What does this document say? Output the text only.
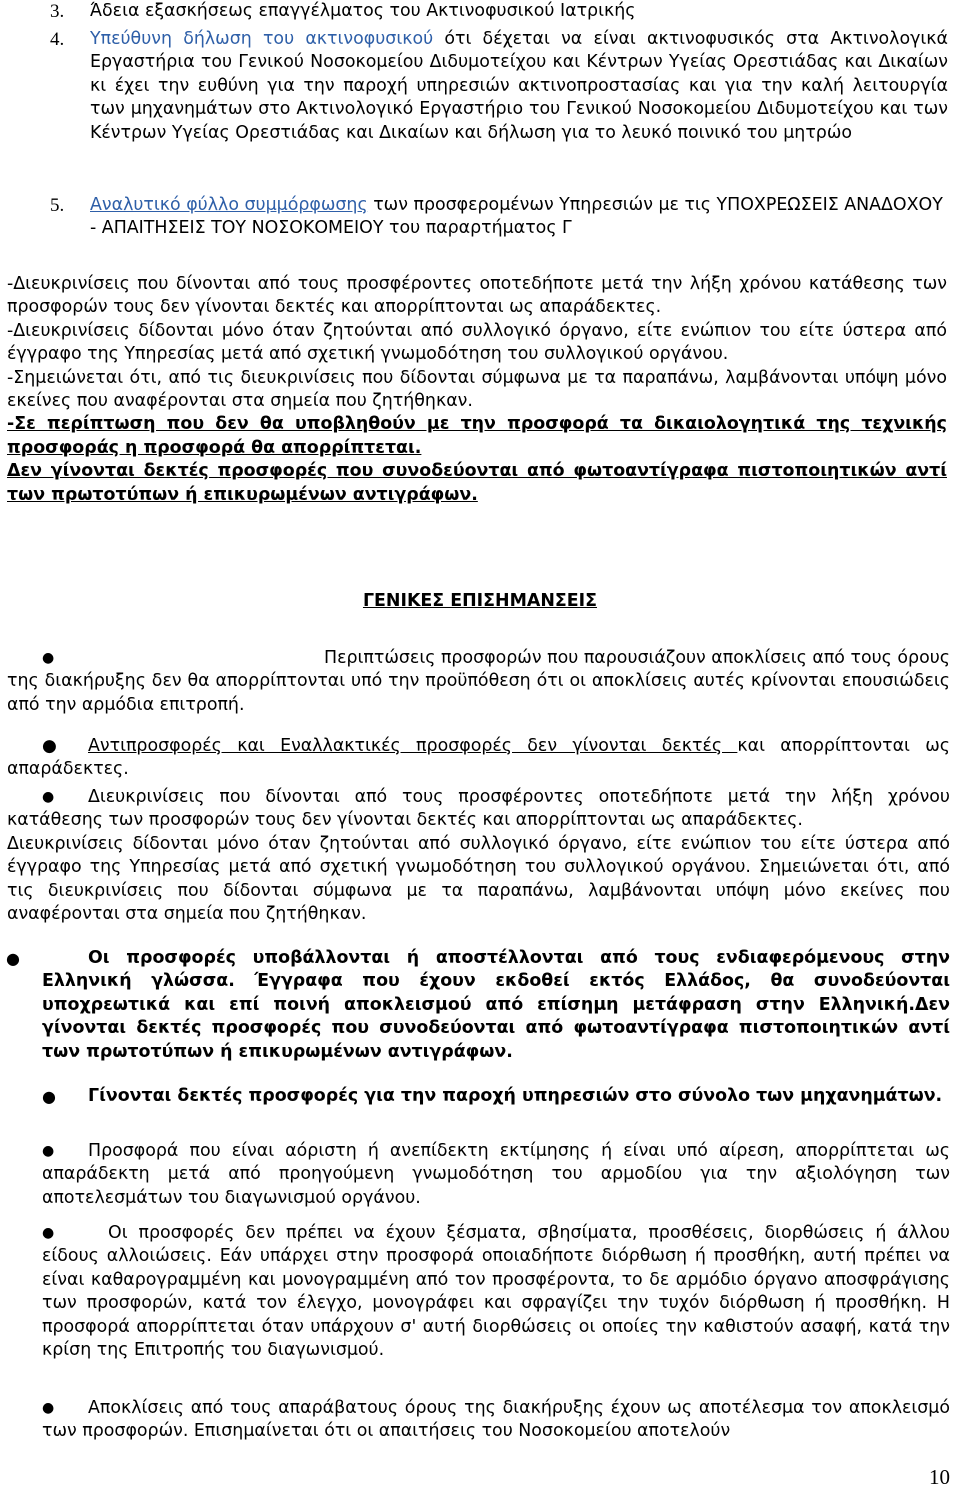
3.	Άδεια εξασκήσεως επαγγέλματος του Ακτινοφυσικού Ιατρικής
4.	Υπεύθυνη δήλωση του ακτινοφυσικού ότι δέχεται να είναι ακτινοφυσικός στα Ακτινολογικά Εργαστήρια του Γενικού Νοσοκομείου Διδυμοτείχου και Κέντρων Υγείας Ορεστιάδας και Δικαίων κι έχει την ευθύνη για την παροχή υπηρεσιών ακτινοπροστασίας και για την καλή λειτουργία των μηχανημάτων στο Ακτινολογικό Εργαστήριο του Γενικού Νοσοκομείου Διδυμοτείχου και των Κέντρων Υγείας Ορεστιάδας και Δικαίων και δήλωση για το λευκό ποινικό του μητρώο
5.	Αναλυτικό φύλλο συμμόρφωσης των προσφερομένων Υπηρεσιών με τις ΥΠΟΧΡΕΩΣΕΙΣ ΑΝΑΔΟΧΟΥ - ΑΠΑΙΤΗΣΕΙΣ ΤΟΥ ΝΟΣΟΚΟΜΕΙΟΥ του παραρτήματος Γ

-Διευκρινίσεις που δίνονται από τους προσφέροντες οποτεδήποτε μετά την λήξη χρόνου κατάθεσης των προσφορών τους δεν γίνονται δεκτές και απορρίπτονται ως απαράδεκτες.

-Διευκρινίσεις δίδονται μόνο όταν ζητούνται από συλλογικό όργανο, είτε ενώπιον του είτε ύστερα από έγγραφο της Υπηρεσίας μετά από σχετική γνωμοδότηση του συλλογικού οργάνου.

-Σημειώνεται ότι, από τις διευκρινίσεις που δίδονται σύμφωνα με τα παραπάνω, λαμβάνονται υπόψη μόνο εκείνες που αναφέρονται στα σημεία που ζητήθηκαν.

-Σε περίπτωση που δεν θα υποβληθούν με την προσφορά τα δικαιολογητικά της τεχνικής προσφοράς η προσφορά θα απορρίπτεται.

Δεν γίνονται δεκτές προσφορές που συνοδεύονται από φωτοαντίγραφα πιστοποιητικών αντί των πρωτοτύπων ή επικυρωμένων αντιγράφων.

ΓΕΝΙΚΕΣ ΕΠΙΣΗΜΑΝΣΕΙΣ
●	Περιπτώσεις προσφορών που παρουσιάζουν αποκλίσεις από τους όρους της διακήρυξης δεν θα απορρίπτονται υπό την προϋπόθεση ότι οι αποκλίσεις αυτές κρίνονται επουσιώδεις από την αρμόδια επιτροπή.

●	Αντιπροσφορές και Εναλλακτικές προσφορές δεν γίνονται δεκτές και απορρίπτονται ως απαράδεκτες.

●	Διευκρινίσεις που δίνονται από τους προσφέροντες οποτεδήποτε μετά την λήξη χρόνου κατάθεσης των προσφορών τους δεν γίνονται δεκτές και απορρίπτονται ως απαράδεκτες.

Διευκρινίσεις δίδονται μόνο όταν ζητούνται από συλλογικό όργανο, είτε ενώπιον του είτε ύστερα από έγγραφο της Υπηρεσίας μετά από σχετική γνωμοδότηση του συλλογικού οργάνου. Σημειώνεται ότι, από τις διευκρινίσεις που δίδονται σύμφωνα με τα παραπάνω, λαμβάνονται υπόψη μόνο εκείνες που αναφέρονται στα σημεία που ζητήθηκαν.

●	Οι προσφορές υποβάλλονται ή αποστέλλονται από τους ενδιαφερόμενους στην Ελληνική γλώσσα. Έγγραφα που έχουν εκδοθεί εκτός Ελλάδος, θα συνοδεύονται υποχρεωτικά και επί ποινή αποκλεισμού από επίσημη μετάφραση στην Ελληνική.Δεν γίνονται δεκτές προσφορές που συνοδεύονται από φωτοαντίγραφα πιστοποιητικών αντί των πρωτοτύπων ή επικυρωμένων αντιγράφων.

●	Γίνονται δεκτές προσφορές για την παροχή υπηρεσιών στο σύνολο των μηχανημάτων.

●	Προσφορά που είναι αόριστη ή ανεπίδεκτη εκτίμησης ή είναι υπό αίρεση, απορρίπτεται ως απαράδεκτη μετά από προηγούμενη γνωμοδότηση του αρμοδίου για την αξιολόγηση των αποτελεσμάτων του διαγωνισμού οργάνου.

●	Οι προσφορές δεν πρέπει να έχουν ξέσματα, σβησίματα, προσθέσεις, διορθώσεις ή άλλου είδους αλλοιώσεις. Εάν υπάρχει στην προσφορά οποιαδήποτε διόρθωση ή προσθήκη, αυτή πρέπει να είναι καθαρογραμμένη και μονογραμμένη από τον προσφέροντα, το δε αρμόδιο όργανο αποσφράγισης των προσφορών, κατά τον έλεγχο, μονογράφει και σφραγίζει την τυχόν διόρθωση ή προσθήκη. Η προσφορά απορρίπτεται όταν υπάρχουν σ' αυτή διορθώσεις οι οποίες την καθιστούν ασαφή, κατά την κρίση της Επιτροπής του διαγωνισμού.

●	Αποκλίσεις από τους απαράβατους όρους της διακήρυξης έχουν ως αποτέλεσμα τον αποκλεισμό των προσφορών. Επισημαίνεται ότι οι απαιτήσεις του Νοσοκομείου αποτελούν

10
